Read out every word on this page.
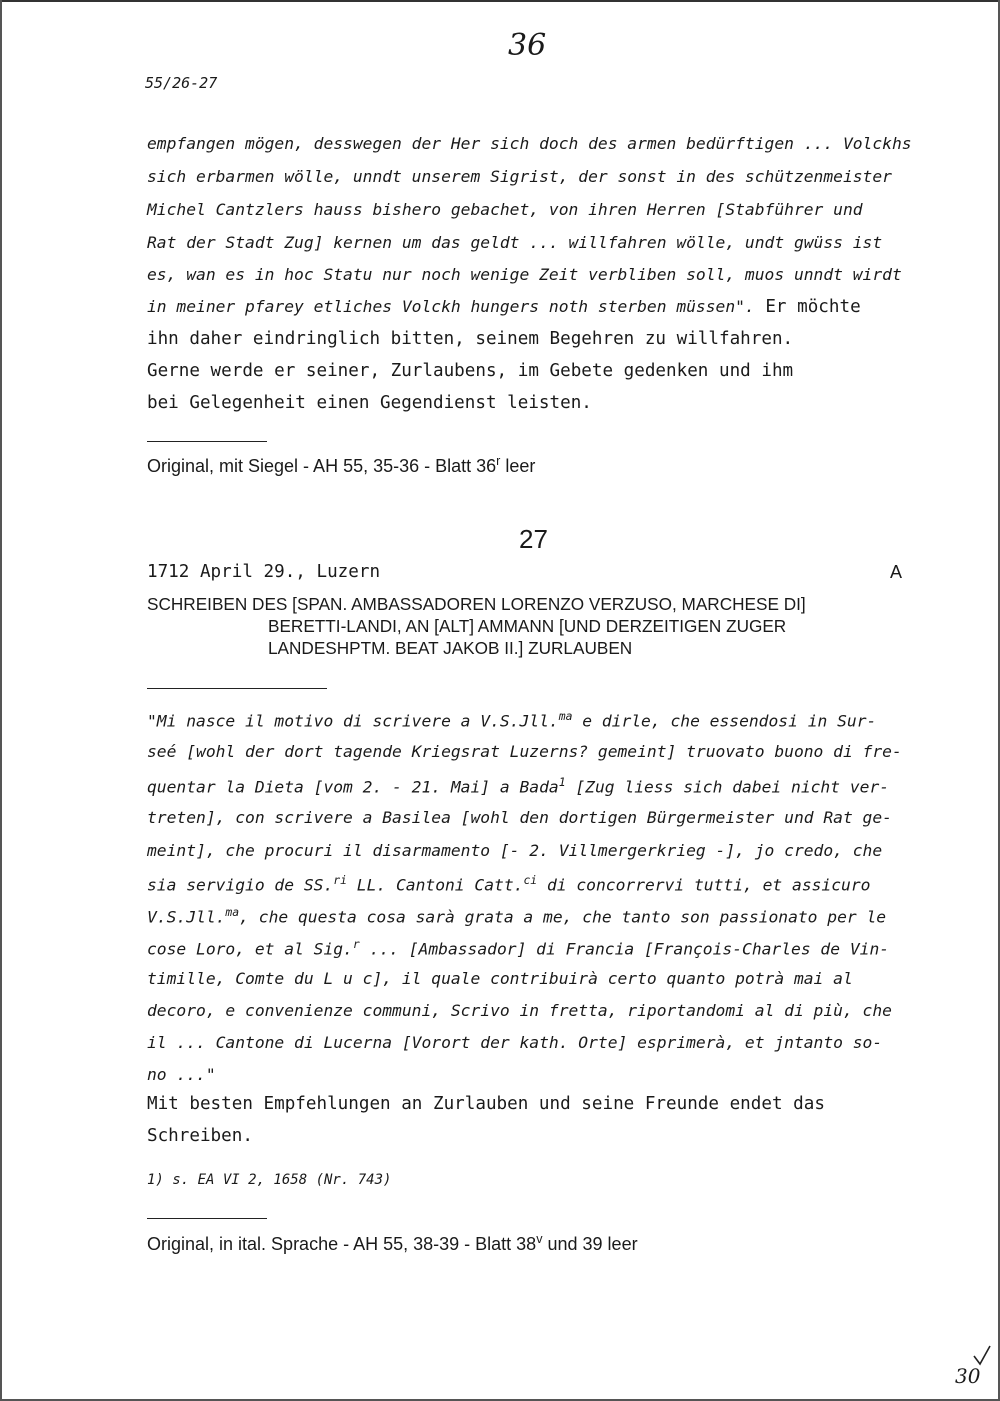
55/26-27
36
empfangen mögen, desswegen der Her sich doch des armen bedürftigen ... Volckhs
sich erbarmen wölle, unndt unserem Sigrist, der sonst in des schützenmeister
Michel Cantzlers hauss bishero gebachet, von ihren Herren [Stabführer und
Rat der Stadt Zug] kernen um das geldt ... willfahren wölle, undt gwüss ist
es, wan es in hoc Statu nur noch wenige Zeit verbliben soll, muos unndt wirdt
in meiner pfarey etliches Volckh hungers noth sterben müssen". Er möchte
ihn daher eindringlich bitten, seinem Begehren zu willfahren.
Gerne werde er seiner, Zurlaubens, im Gebete gedenken und ihm
bei Gelegenheit einen Gegendienst leisten.
Original, mit Siegel - AH 55, 35-36 - Blatt 36$^r$ leer
27
1712 April 29., Luzern	A
SCHREIBEN DES [SPAN. AMBASSADOREN LORENZO VERZUSO, MARCHESE DI]
BERETTI-LANDI, AN [ALT] AMMANN [UND DERZEITIGEN ZUGER
LANDESHPTM. BEAT JAKOB II.] ZURLAUBEN
"Mi nasce il motivo di scrivere a V.S.Jll.$^{ma}$ e dirle, che essendosi in Sur-
seé [wohl der dort tagende Kriegsrat Luzerns? gemeint] truovato buono di fre-
quentar la Dieta [vom 2. - 21. Mai] a Bada$^1$ [Zug liess sich dabei nicht ver-
treten], con scrivere a Basilea [wohl den dortigen Bürgermeister und Rat ge-
meint], che procuri il disarmamento [- 2. Villmergerkrieg -], jo credo, che
sia servigio de SS.$^{ri}$ LL. Cantoni Catt.$^{ci}$ di concorrervi tutti, et assicuro
V.S.Jll.$^{ma}$, che questa cosa sarà grata a me, che tanto son passionato per le
cose Loro, et al Sig.$^r$ ... [Ambassador] di Francia [François-Charles de Vin-
timille, Comte du L u c], il quale contribuirà certo quanto potrà mai al
decoro, e convenienze communi, Scrivo in fretta, riportandomi al di più, che
il ... Cantone di Lucerna [Vorort der kath. Orte] esprimerà, et jntanto so-
no ..."
Mit besten Empfehlungen an Zurlauben und seine Freunde endet das
Schreiben.
1) s. EA VI 2, 1658 (Nr. 743)
Original, in ital. Sprache - AH 55, 38-39 - Blatt 38$^v$ und 39 leer
30
